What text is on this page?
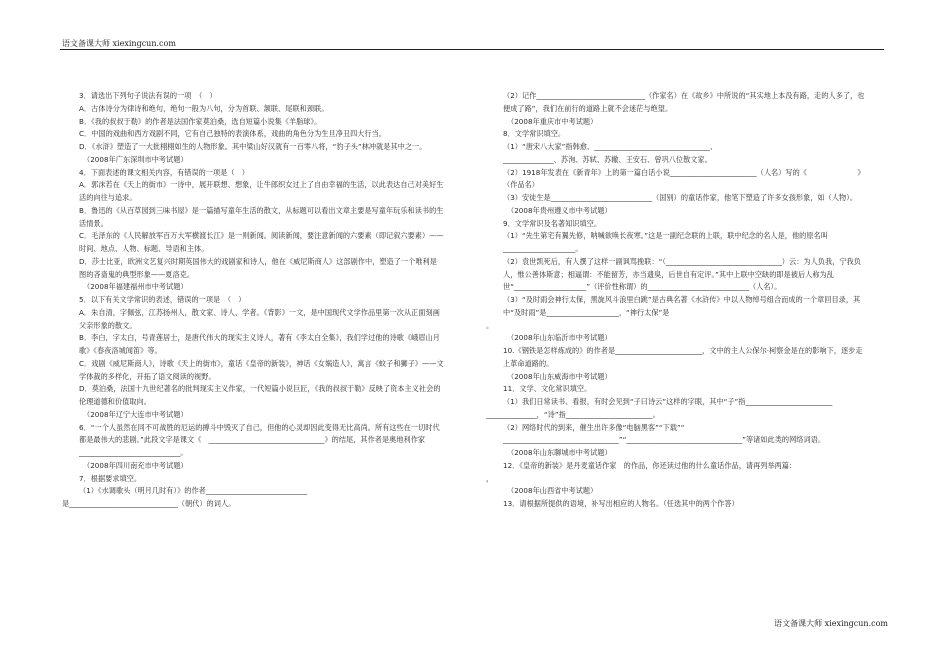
语文备课大师 xiexingcun.com

3．请选出下列句子说法有误的一项　（　）

A．古体诗分为律诗和绝句，绝句一般为八句，分为首联、颔联、尾联和颈联。

B．《我的叔叔于勒》的作者是法国作家莫泊桑，选自短篇小说集《羊脂球》。

C．中国的戏曲和西方戏剧不同，它有自己独特的表演体系，戏曲的角色分为生旦净丑四大行当。

D．《水浒》塑造了一大批栩栩如生的人物形象。其中梁山好汉就有一百零八将，“豹子头”林冲就是其中之一。

（2008年广东深圳市中考试题）

4．下面表述的课文相关内容，有错误的一项是（　）

A．郭沫若在《天上的街市》一诗中，展开联想、想象，让牛郎织女过上了自由幸福的生活，以此表达自己对美好生活的向往与追求。

B．鲁迅的《从百草园到三味书屋》是一篇描写童年生活的散文，从标题可以看出文章主要是写童年玩乐和读书的生活情景。

C．毛泽东的《人民解放军百万大军横渡长江》是一则新闻。阅读新闻，要注意新闻的六要素（即记叙六要素）——时间、地点、人物、标题、导语和主体。

D．莎士比亚，欧洲文艺复兴时期英国伟大的戏剧家和诗人，他在《威尼斯商人》这部剧作中，塑造了一个唯利是图的吝啬鬼的典型形象——夏洛克。

（2008年福建福州市中考试题）

5．以下有关文学常识的表述，错误的一项是　（　）

A．朱自清，字佩弦，江苏扬州人，散文家、诗人、学者。《背影》一文，是中国现代文学作品里第一次从正面刻画父亲形象的散文。

B．李白，字太白，号青莲居士，是唐代伟大的现实主义诗人，著有《李太白全集》，我们学过他的诗歌《峨眉山月歌》《春夜洛城闻笛》等。

C．戏剧《威尼斯商人》，诗歌《天上的街市》，童话《皇帝的新装》，神话《女娲造人》，寓言《蚊子和狮子》——文学体裁的多样化，开拓了语文阅读的视野。

D．莫泊桑，法国十九世纪著名的批判现实主义作家，一代短篇小说巨匠，《我的叔叔于勒》反映了资本主义社会的伦理道德和价值取向。

（2008年辽宁大连市中考试题）

6．“一个人虽然在同不可战胜的厄运的搏斗中毁灭了自己，但他的心灵却因此变得无比高尚。所有这些在一切时代都是最伟大的悲剧。”此段文字是课文《　________________________________》的结尾，其作者是奥地利作家____________________________。

（2008年四川南充市中考试题）

7．根据要求填空。

（1）《水调歌头（明月几时有）》的作者____________________________

是______________________________（朝代）的词人。

（2）记作______________________________（作家名）在《故乡》中所说的“其实地上本没有路，走的人多了，也便成了路”，我们在前行的道路上就不会迷茫与绝望。

（2008年重庆市中考试题）

8．文学常识填空。

（1）“唐宋八大家”指韩愈、________________________________、

______________、苏洵、苏轼、苏辙、王安石、曾巩八位散文家。

（2）1918年发表在《新青年》上的第一篇白话小说________________________（人名）写的《　　　　　　　》（作品名）

（3）安徒生是____________________________（国别）的童话作家，他笔下塑造了许多女孩形象，如（人物）。

（2008年贵州遵义市中考试题）

9．文学常识及名著知识填空。

（1）“先生第宅有翼先修，呐喊欲唤长夜寒。”这是一副纪念联的上联，联中纪念的名人是，他的原名叫____________________。

（2）袁世凯死后，有人撰了这样一副讽骂挽联：“（________________________________）云：为人负我，宁我负人，惟公善体斯意；相逼谓：不能留芳，亦当遗臭，后世自有定评。”其中上联中空缺的即是被后人称为乱世“____________________”（评价性称谓）的____________________________（人名）。

（3）“及时雨会神行太保，黑旋风斗浪里白跳”是古典名著《水浒传》中以人物绰号组合而成的一个章回目录，其中“及时雨”是____________________，“神行太保”是

。

（2008年山东临沂市中考试题）

10.《钢铁是怎样炼成的》的作者是________________________，文中的主人公保尔·柯察金是在的影响下，逐步走上革命道路的。

（2008年山东威海市中考试题）

11．文学、文化常识填空。

（1）我们日常读书、看报，有时会见到“子曰诗云”这样的字眼，其中“子”指________________________

______________，“诗”指________________________。

（2）网络时代的到来，催生出许多像“电脑黑客”“下载”“　________________________________”“________________________________”等诸如此类的网络词语。

（2008年山东聊城市中考试题）

12．《皇帝的新装》是丹麦童话作家　的作品，你还读过他的什么童话作品，请再列举两篇：

，

（2008年山西省中考试题）

13．请根据所提供的语境，补写出相应的人物名。（任选其中的两个作答）

语文备课大师 xiexingcun.com
